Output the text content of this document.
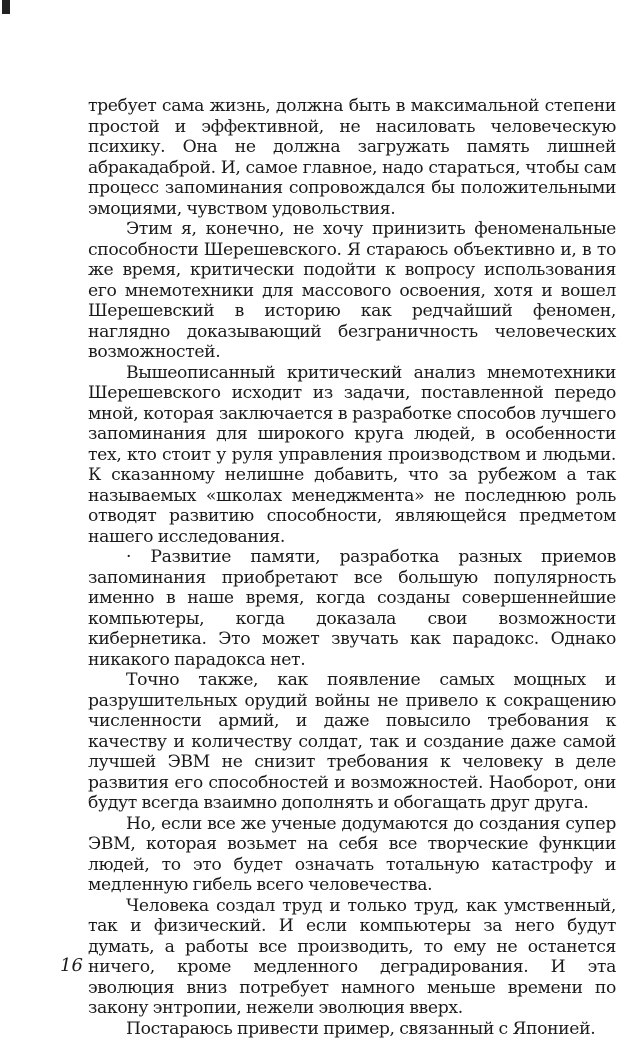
требует сама жизнь, должна быть в максимальной степени простой и эффективной, не насиловать человеческую психику. Она не должна загружать память лишней абракадаброй. И, самое главное, надо стараться, чтобы сам процесс запоминания сопровождался бы положительными эмоциями, чувством удовольствия.

Этим я, конечно, не хочу принизить феноменальные способности Шерешевского. Я стараюсь объективно и, в то же время, критически подойти к вопросу использования его мнемотехники для массового освоения, хотя и вошел Шерешевский в историю как редчайший феномен, наглядно доказывающий безграничность человеческих возможностей.

Вышеописанный критический анализ мнемотехники Шерешевского исходит из задачи, поставленной передо мной, которая заключается в разработке способов лучшего запоминания для широкого круга людей, в особенности тех, кто стоит у руля управления производством и людьми. К сказанному нелишне добавить, что за рубежом а так называемых «школах менеджмента» не последнюю роль отводят развитию способности, являющейся предметом нашего исследования.

· Развитие памяти, разработка разных приемов запоминания приобретают все большую популярность именно в наше время, когда созданы совершеннейшие компьютеры, когда доказала свои возможности кибернетика. Это может звучать как парадокс. Однако никакого парадокса нет.

Точно также, как появление самых мощных и разрушительных орудий войны не привело к сокращению численности армий, и даже повысило требования к качеству и количеству солдат, так и создание даже самой лучшей ЭВМ не снизит требования к человеку в деле развития его способностей и возможностей. Наоборот, они будут всегда взаимно дополнять и обогащать друг друга.

Но, если все же ученые додумаются до создания супер ЭВМ, которая возьмет на себя все творческие функции людей, то это будет означать тотальную катастрофу и медленную гибель всего человечества.

Человека создал труд и только труд, как умственный, так и физический. И если компьютеры за него будут думать, а работы все производить, то ему не останется ничего, кроме медленного деградирования. И эта эволюция вниз потребует намного меньше времени по закону энтропии, нежели эволюция вверх.

Постараюсь привести пример, связанный с Японией.

16
